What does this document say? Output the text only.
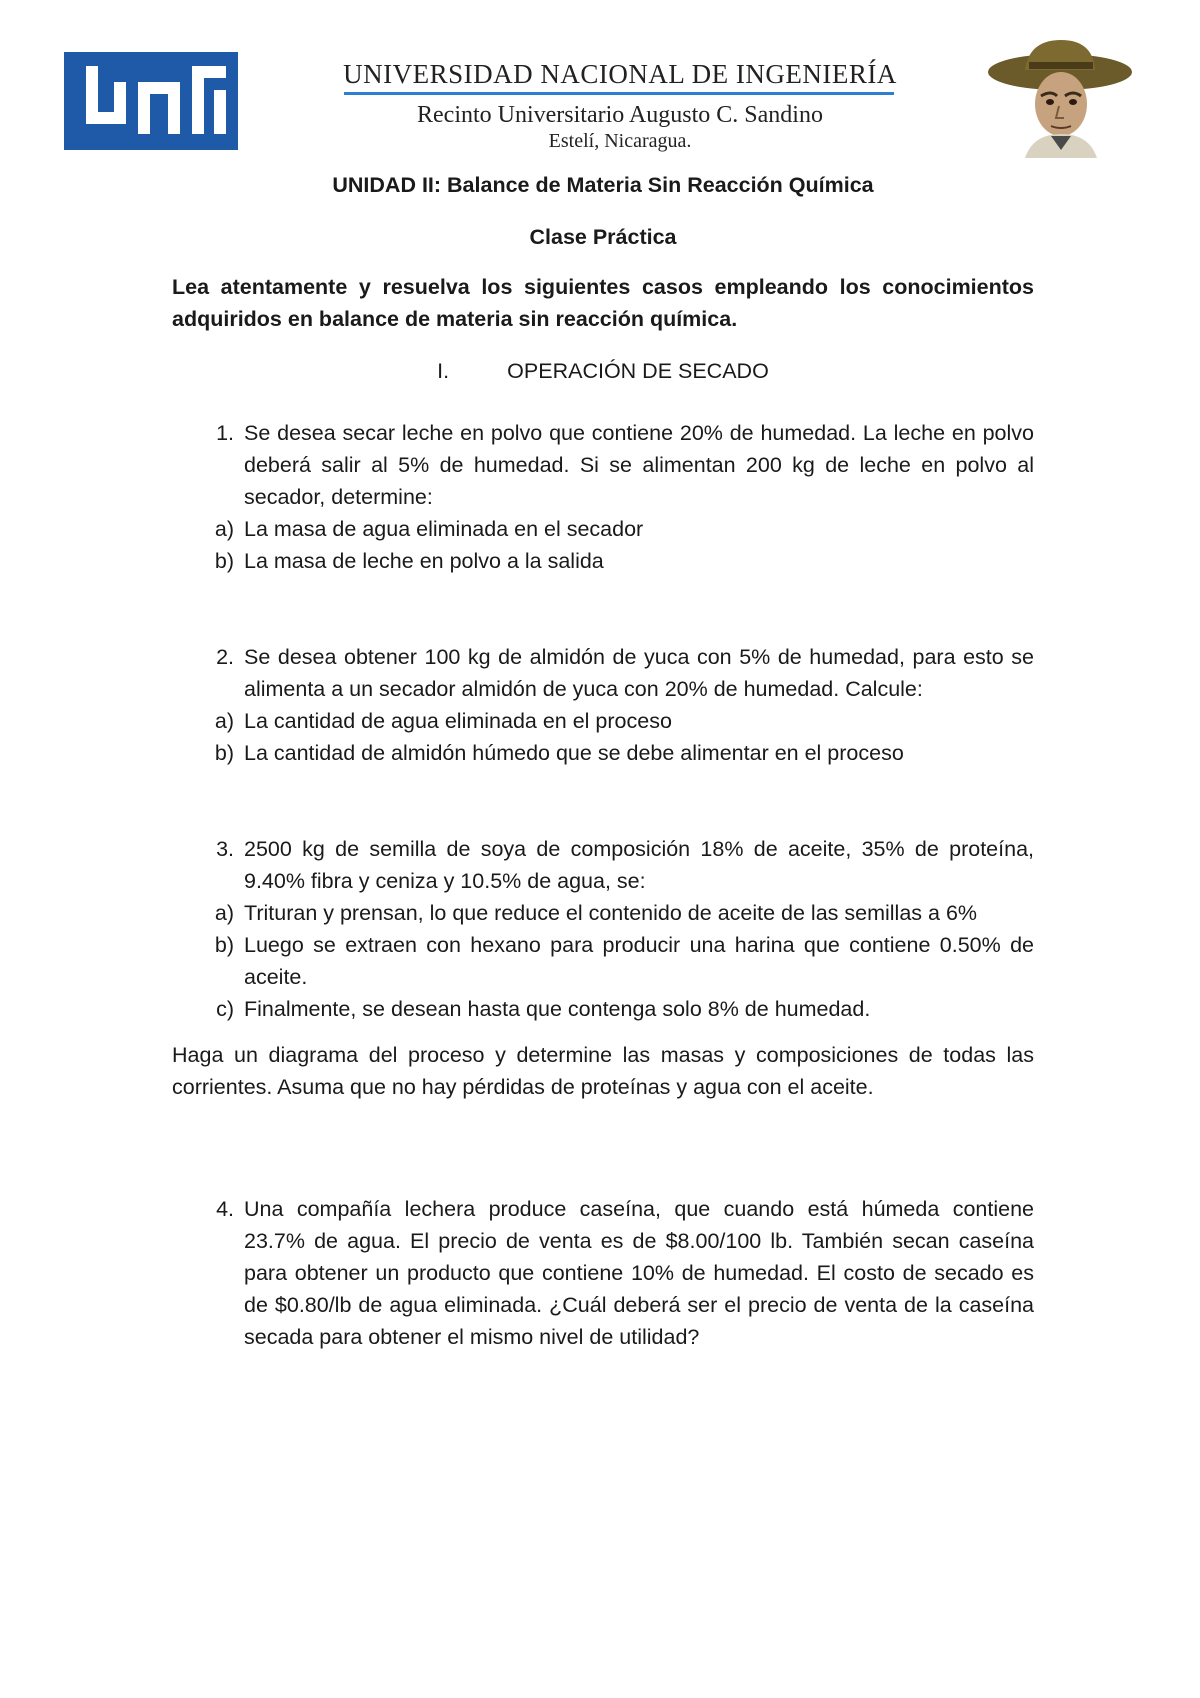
UNIVERSIDAD NACIONAL DE INGENIERÍA

Recinto Universitario Augusto C. Sandino

Estelí, Nicaragua.

UNIDAD II: Balance de Materia Sin Reacción Química

Clase Práctica

Lea atentamente y resuelva los siguientes casos empleando los conocimientos adquiridos en balance de materia sin reacción química.

I.	OPERACIÓN DE SECADO

1. Se desea secar leche en polvo que contiene 20% de humedad. La leche en polvo deberá salir al 5% de humedad. Si se alimentan 200 kg de leche en polvo al secador, determine:
a) La masa de agua eliminada en el secador
b) La masa de leche en polvo a la salida
2. Se desea obtener 100 kg de almidón de yuca con 5% de humedad, para esto se alimenta a un secador almidón de yuca con 20% de humedad. Calcule:
a) La cantidad de agua eliminada en el proceso
b) La cantidad de almidón húmedo que se debe alimentar en el proceso
3. 2500 kg de semilla de soya de composición 18% de aceite, 35% de proteína, 9.40% fibra y ceniza y 10.5% de agua, se:
a) Trituran y prensan, lo que reduce el contenido de aceite de las semillas a 6%
b) Luego se extraen con hexano para producir una harina que contiene 0.50% de aceite.
c) Finalmente, se desean hasta que contenga solo 8% de humedad.

Haga un diagrama del proceso y determine las masas y composiciones de todas las corrientes. Asuma que no hay pérdidas de proteínas y agua con el aceite.

4. Una compañía lechera produce caseína, que cuando está húmeda contiene 23.7% de agua. El precio de venta es de $8.00/100 lb. También secan caseína para obtener un producto que contiene 10% de humedad. El costo de secado es de $0.80/lb de agua eliminada. ¿Cuál deberá ser el precio de venta de la caseína secada para obtener el mismo nivel de utilidad?
